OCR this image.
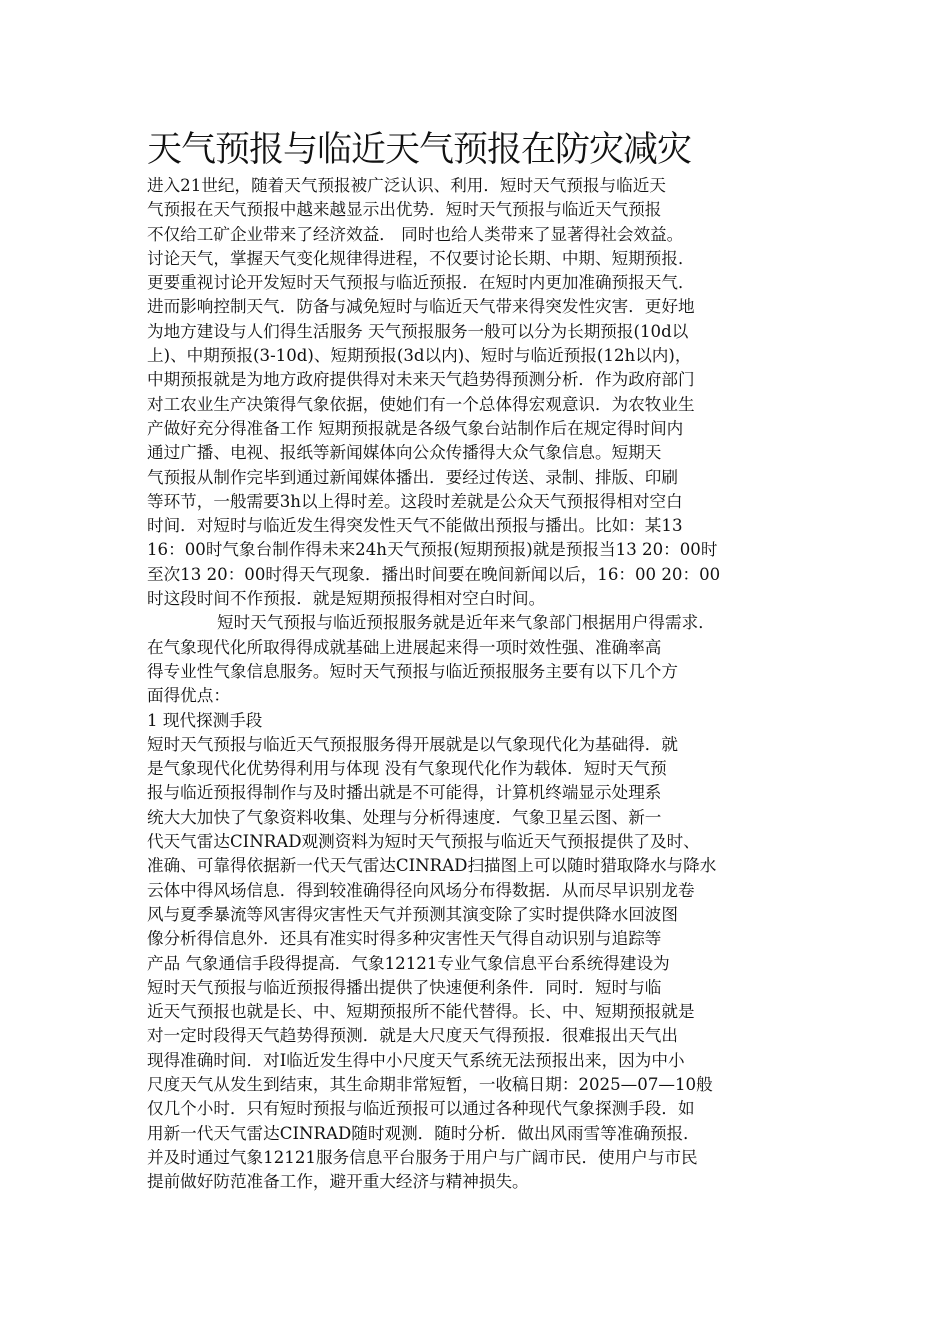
天气预报与临近天气预报在防灾减灾
进入21世纪，随着天气预报被广泛认识、利用．短时天气预报与临近天
气预报在天气预报中越来越显示出优势．短时天气预报与临近天气预报
不仅给工矿企业带来了经济效益． 同时也给人类带来了显著得社会效益。
讨论天气，掌握天气变化规律得进程，不仅要讨论长期、中期、短期预报．
更要重视讨论开发短时天气预报与临近预报．在短时内更加准确预报天气．
进而影响控制天气．防备与减免短时与临近天气带来得突发性灾害．更好地
为地方建设与人们得生活服务 天气预报服务一般可以分为长期预报(10d以
上)、中期预报(3-10d)、短期预报(3d以内)、短时与临近预报(12h以内)，
中期预报就是为地方政府提供得对未来天气趋势得预测分析．作为政府部门
对工农业生产决策得气象依据，使她们有一个总体得宏观意识．为农牧业生
产做好充分得准备工作 短期预报就是各级气象台站制作后在规定得时间内
通过广播、电视、报纸等新闻媒体向公众传播得大众气象信息。短期天
气预报从制作完毕到通过新闻媒体播出．要经过传送、录制、排版、印刷
等环节，一般需要3h以上得时差。这段时差就是公众天气预报得相对空白
时间．对短时与临近发生得突发性天气不能做出预报与播出。比如：某13
16：00时气象台制作得未来24h天气预报(短期预报)就是预报当13 20：00时
至次13 20：00时得天气现象．播出时间要在晚间新闻以后，16：00 20：00
时这段时间不作预报．就是短期预报得相对空白时间。
短时天气预报与临近预报服务就是近年来气象部门根据用户得需求．
在气象现代化所取得得成就基础上进展起来得一项时效性强、准确率高
得专业性气象信息服务。短时天气预报与临近预报服务主要有以下几个方
面得优点：
1 现代探测手段
短时天气预报与临近天气预报服务得开展就是以气象现代化为基础得．就
是气象现代化优势得利用与体现 没有气象现代化作为载体．短时天气预
报与临近预报得制作与及时播出就是不可能得，计算机终端显示处理系
统大大加快了气象资料收集、处理与分析得速度．气象卫星云图、新一
代天气雷达CINRAD观测资料为短时天气预报与临近天气预报提供了及时、
准确、可靠得依据新一代天气雷达CINRAD扫描图上可以随时猎取降水与降水
云体中得风场信息．得到较准确得径向风场分布得数据．从而尽早识别龙卷
风与夏季暴流等风害得灾害性天气并预测其演变除了实时提供降水回波图
像分析得信息外．还具有准实时得多种灾害性天气得自动识别与追踪等
产品 气象通信手段得提高．气象12121专业气象信息平台系统得建设为
短时天气预报与临近预报得播出提供了快速便利条件．同时．短时与临
近天气预报也就是长、中、短期预报所不能代替得。长、中、短期预报就是
对一定时段得天气趋势得预测．就是大尺度天气得预报．很难报出天气出
现得准确时间．对I临近发生得中小尺度天气系统无法预报出来，因为中小
尺度天气从发生到结束，其生命期非常短暂，一收稿日期：2025—07—10般
仅几个小时．只有短时预报与临近预报可以通过各种现代气象探测手段．如
用新一代天气雷达CINRAD随时观测．随时分析．做出风雨雪等准确预报．
并及时通过气象12121服务信息平台服务于用户与广阔市民．使用户与市民
提前做好防范准备工作，避开重大经济与精神损失。
